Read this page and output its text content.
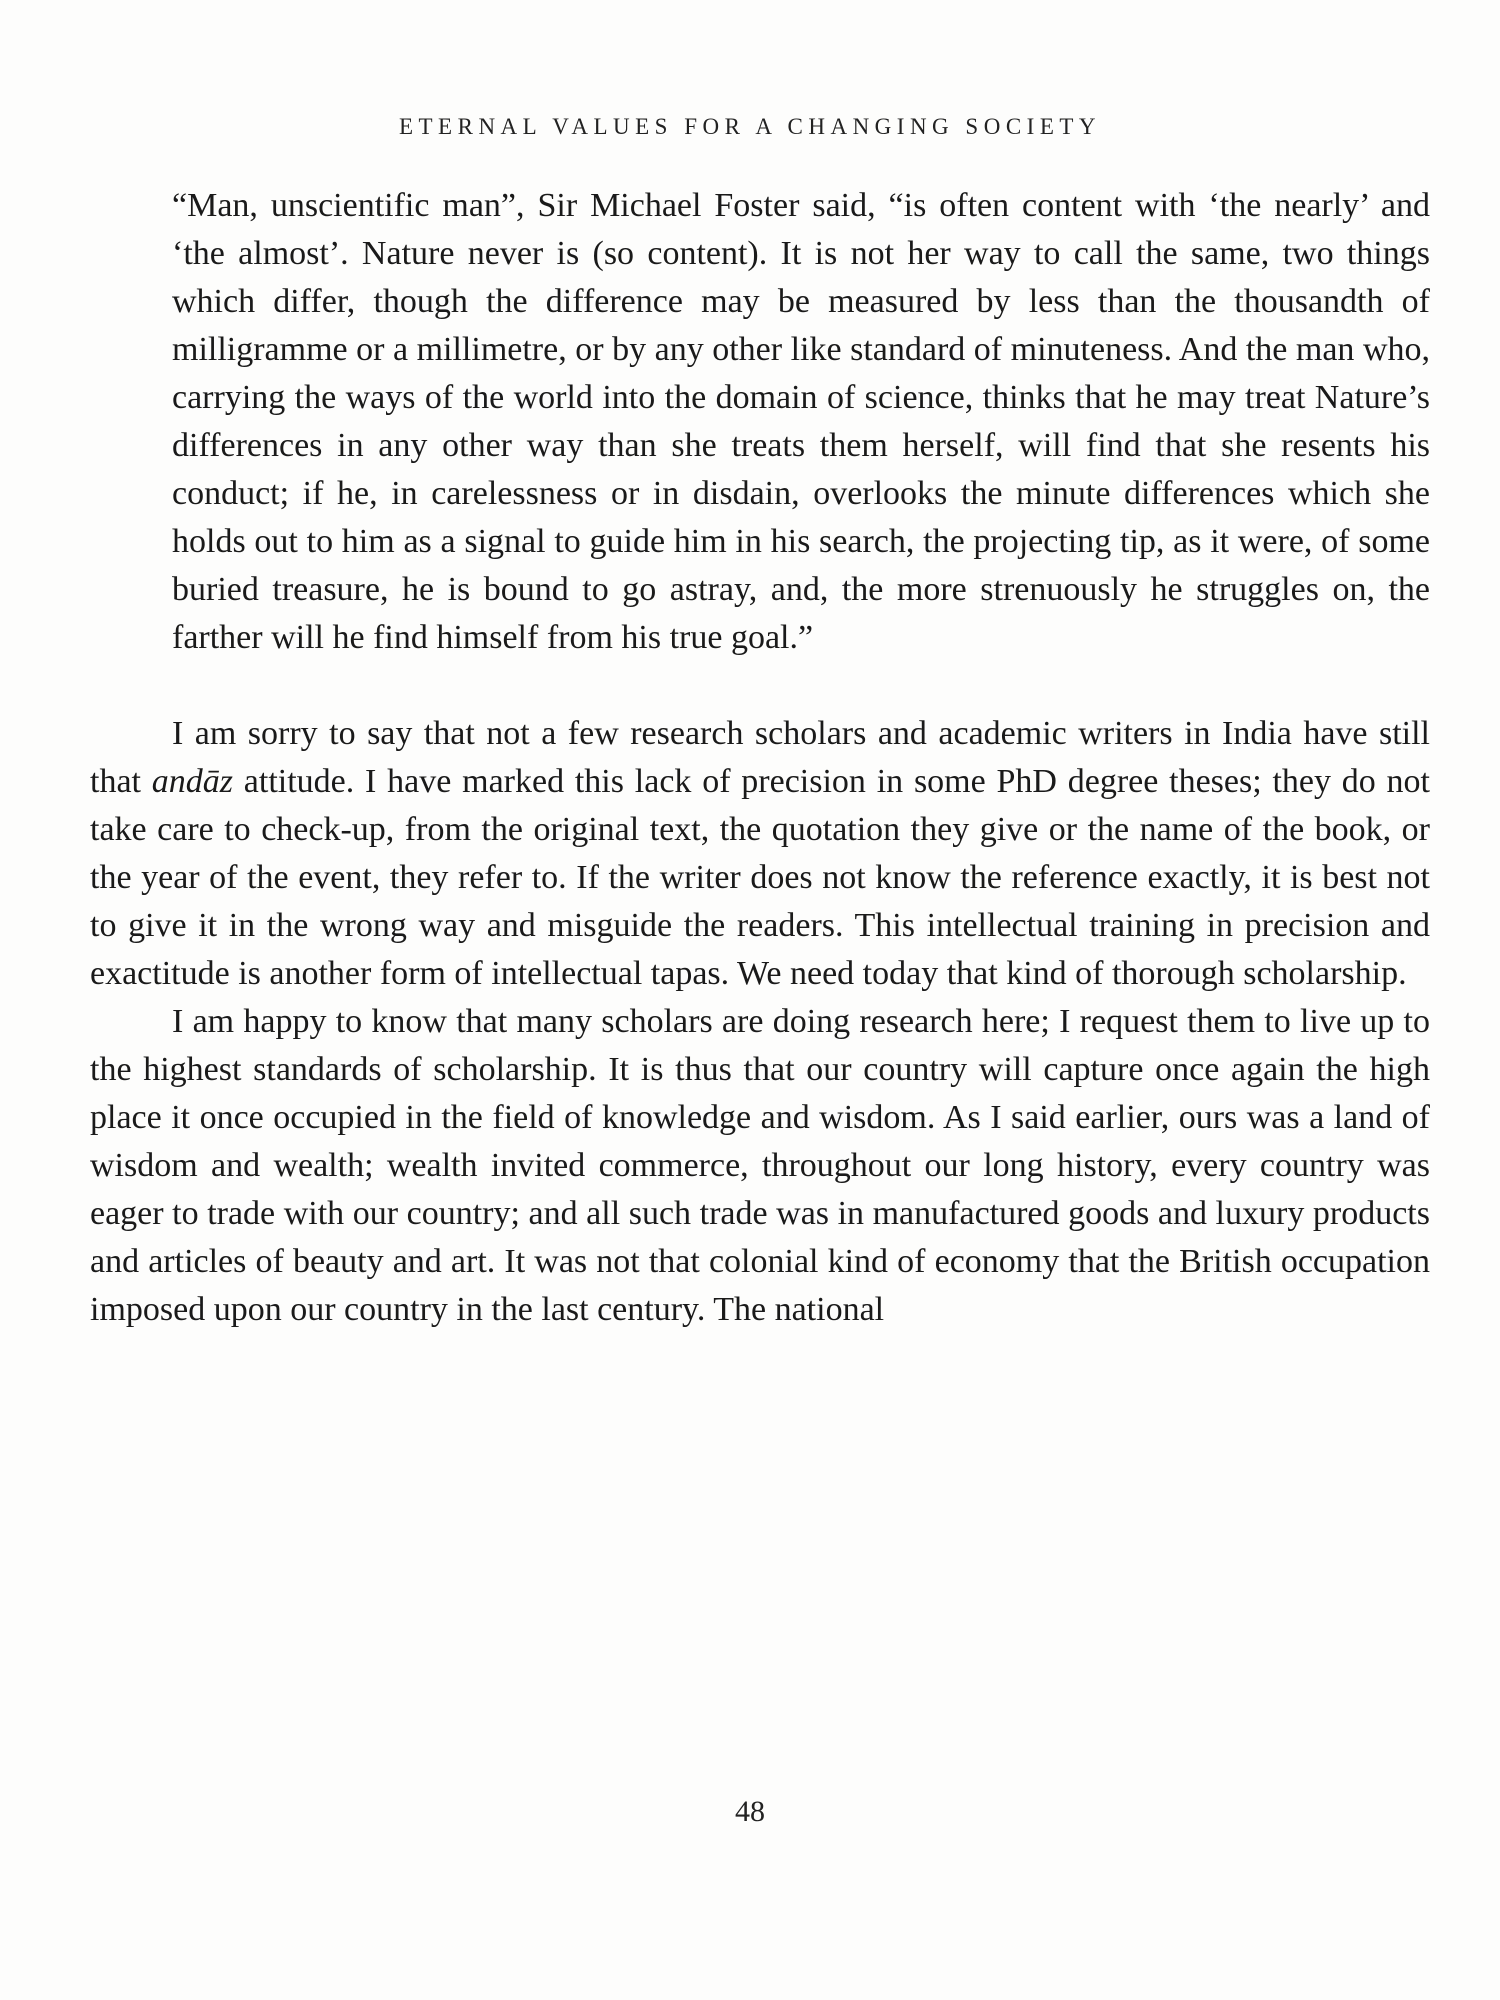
ETERNAL VALUES FOR A CHANGING SOCIETY

“Man, unscientific man”, Sir Michael Foster said, “is often content with ‘the nearly’ and ‘the almost’. Nature never is (so content). It is not her way to call the same, two things which differ, though the difference may be measured by less than the thousandth of milligramme or a millimetre, or by any other like standard of minuteness. And the man who, carrying the ways of the world into the domain of science, thinks that he may treat Nature’s differences in any other way than she treats them herself, will find that she resents his conduct; if he, in carelessness or in disdain, overlooks the minute differences which she holds out to him as a signal to guide him in his search, the projecting tip, as it were, of some buried treasure, he is bound to go astray, and, the more strenuously he struggles on, the farther will he find himself from his true goal.”

I am sorry to say that not a few research scholars and academic writers in India have still that andāz attitude. I have marked this lack of precision in some PhD degree theses; they do not take care to check-up, from the original text, the quotation they give or the name of the book, or the year of the event, they refer to. If the writer does not know the reference exactly, it is best not to give it in the wrong way and misguide the readers. This intellectual training in precision and exactitude is another form of intellectual tapas. We need today that kind of thorough scholarship.

I am happy to know that many scholars are doing research here; I request them to live up to the highest standards of scholarship. It is thus that our country will capture once again the high place it once occupied in the field of knowledge and wisdom. As I said earlier, ours was a land of wisdom and wealth; wealth invited commerce, throughout our long history, every country was eager to trade with our country; and all such trade was in manufactured goods and luxury products and articles of beauty and art. It was not that colonial kind of economy that the British occupation imposed upon our country in the last century. The national

48
